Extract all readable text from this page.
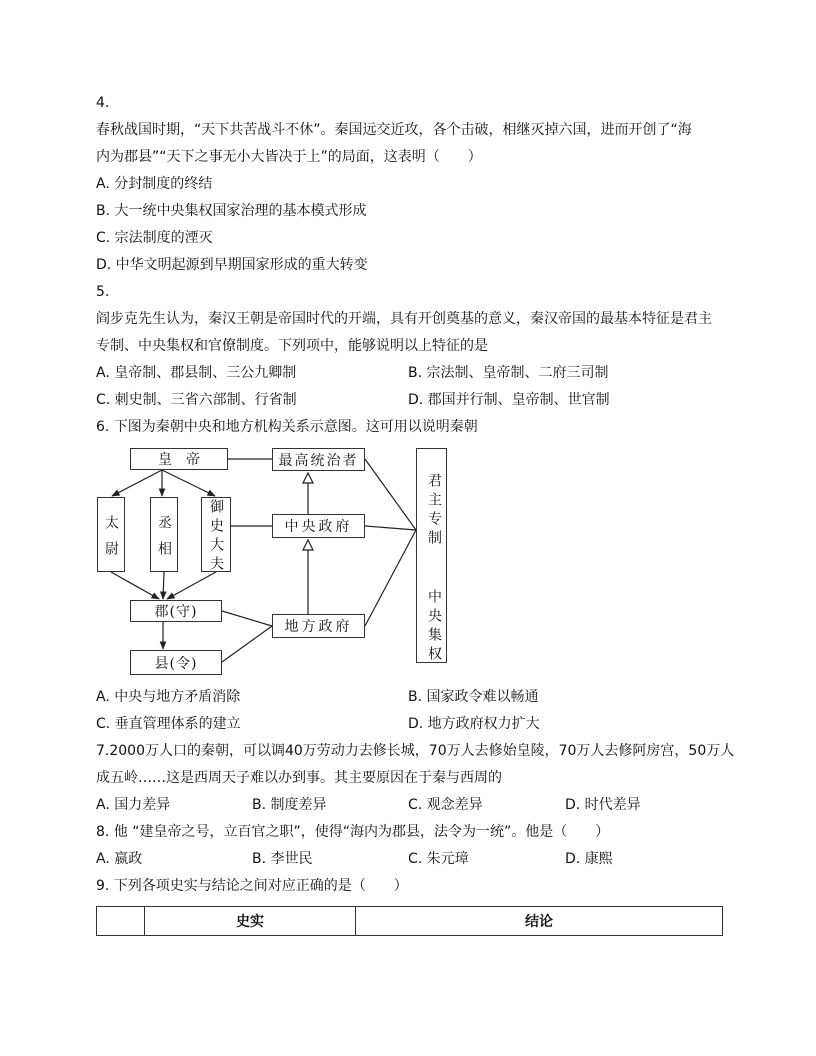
4.
春秋战国时期，“天下共苦战斗不休”。秦国远交近攻，各个击破，相继灭掉六国，进而开创了“海
内为郡县”“天下之事无小大皆决于上”的局面，这表明（　　）
A. 分封制度的终结
B. 大一统中央集权国家治理的基本模式形成
C. 宗法制度的湮灭
D. 中华文明起源到早期国家形成的重大转变
5.
阎步克先生认为，秦汉王朝是帝国时代的开端，具有开创奠基的意义，秦汉帝国的最基本特征是君主
专制、中央集权和官僚制度。下列项中，能够说明以上特征的是
A. 皇帝制、郡县制、三公九卿制	B. 宗法制、皇帝制、二府三司制
C. 刺史制、三省六部制、行省制	D. 郡国并行制、皇帝制、世官制
6. 下图为秦朝中央和地方机构关系示意图。这可用以说明秦朝
皇帝	最高统治者
太尉	丞相	御史大夫	中央政府
郡(守)
地方政府
县(令)
君主专制
中央集权
A. 中央与地方矛盾消除	B. 国家政令难以畅通
C. 垂直管理体系的建立	D. 地方政府权力扩大
7.2000万人口的秦朝，可以调40万劳动力去修长城，70万人去修始皇陵，70万人去修阿房宫，50万人
成五岭……这是西周天子难以办到事。其主要原因在于秦与西周的
A. 国力差异	B. 制度差异	C. 观念差异	D. 时代差异
8. 他 “建皇帝之号，立百官之职”，使得“海内为郡县，法令为一统”。他是（　　）
A. 嬴政	B. 李世民	C. 朱元璋	D. 康熙
9. 下列各项史实与结论之间对应正确的是（　　）
	史实	结论
